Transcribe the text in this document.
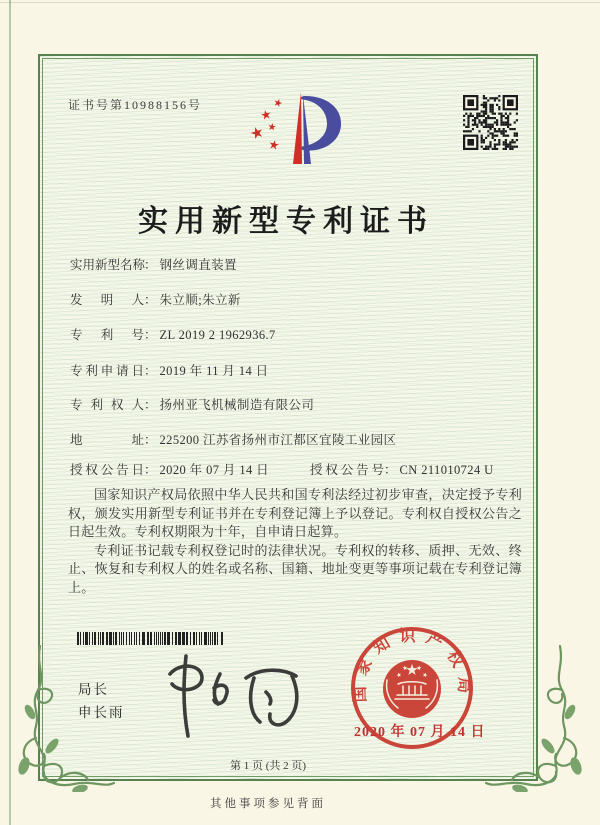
证书号第10988156号
实用新型专利证书
实用新型名称： 钢丝调直装置
发明人： 朱立顺;朱立新
专利号： ZL 2019 2 1962936.7
专利申请日： 2019 年 11 月 14 日
专利权人： 扬州亚飞机械制造有限公司
地址： 225200 江苏省扬州市江都区宜陵工业园区
授权公告日： 2020 年 07 月 14 日	授权公告号： CN 211010724 U

国家知识产权局依照中华人民共和国专利法经过初步审查，决定授予专利权，颁发实用新型专利证书并在专利登记簿上予以登记。专利权自授权公告之日起生效。专利权期限为十年，自申请日起算。

专利证书记载专利权登记时的法律状况。专利权的转移、质押、无效、终止、恢复和专利权人的姓名或名称、国籍、地址变更等事项记载在专利登记簿上。

局长
申长雨
国家知识产权局
2020 年 07 月 14 日
第 1 页 (共 2 页)
其他事项参见背面
